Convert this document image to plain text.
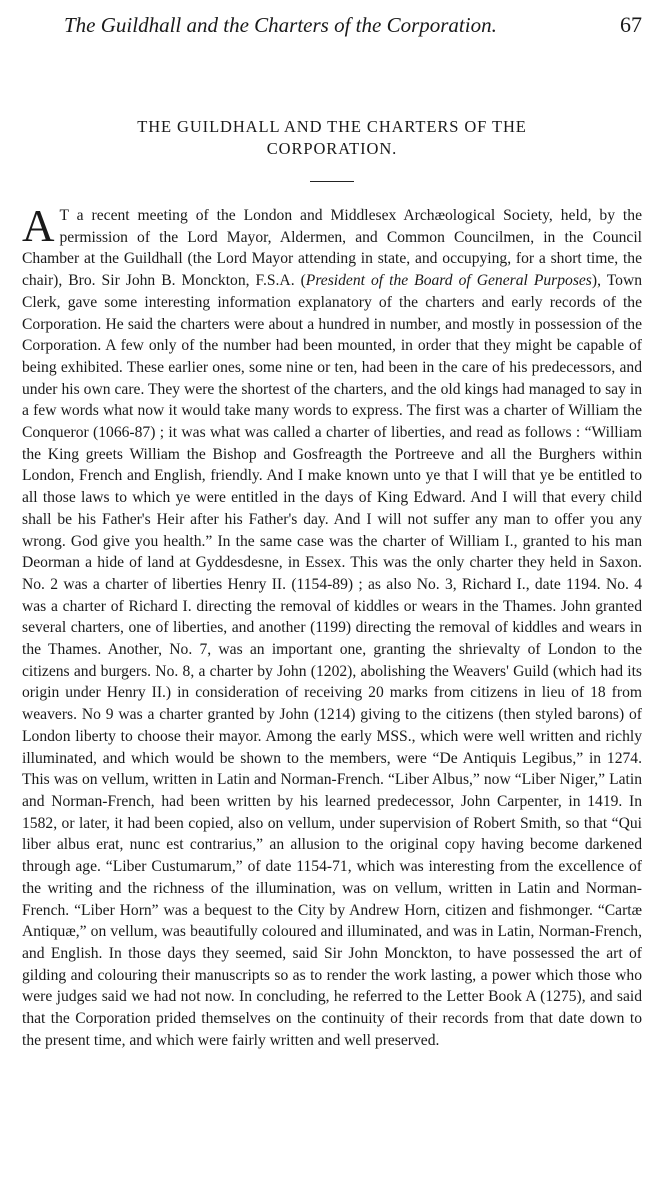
The Guildhall and the Charters of the Corporation.	67
THE GUILDHALL AND THE CHARTERS OF THE
CORPORATION.
A T a recent meeting of the London and Middlesex Archæological Society, held, by the permission of the Lord Mayor, Aldermen, and Common Councilmen, in the Council Chamber at the Guildhall (the Lord Mayor attending in state, and occupying, for a short time, the chair), Bro. Sir John B. Monckton, F.S.A. (President of the Board of General Purposes), Town Clerk, gave some interesting information explanatory of the charters and early records of the Corporation. He said the charters were about a hundred in number, and mostly in possession of the Corporation. A few only of the number had been mounted, in order that they might be capable of being exhibited. These earlier ones, some nine or ten, had been in the care of his predecessors, and under his own care. They were the shortest of the charters, and the old kings had managed to say in a few words what now it would take many words to express. The first was a charter of William the Conqueror (1066-87) ; it was what was called a charter of liberties, and read as follows : “William the King greets William the Bishop and Gosfreagth the Portreeve and all the Burghers within London, French and English, friendly. And I make known unto ye that I will that ye be entitled to all those laws to which ye were entitled in the days of King Edward. And I will that every child shall be his Father's Heir after his Father's day. And I will not suffer any man to offer you any wrong. God give you health.” In the same case was the charter of William I., granted to his man Deorman a hide of land at Gyddesdesne, in Essex. This was the only charter they held in Saxon. No. 2 was a charter of liberties Henry II. (1154-89) ; as also No. 3, Richard I., date 1194. No. 4 was a charter of Richard I. directing the removal of kiddles or wears in the Thames. John granted several charters, one of liberties, and another (1199) directing the removal of kiddles and wears in the Thames. Another, No. 7, was an important one, granting the shrievalty of London to the citizens and burgers. No. 8, a charter by John (1202), abolishing the Weavers' Guild (which had its origin under Henry II.) in consideration of receiving 20 marks from citizens in lieu of 18 from weavers. No 9 was a charter granted by John (1214) giving to the citizens (then styled barons) of London liberty to choose their mayor. Among the early MSS., which were well written and richly illuminated, and which would be shown to the members, were “De Antiquis Legibus,” in 1274. This was on vellum, written in Latin and Norman-French. “Liber Albus,” now “Liber Niger,” Latin and Norman-French, had been written by his learned predecessor, John Carpenter, in 1419. In 1582, or later, it had been copied, also on vellum, under supervision of Robert Smith, so that “Qui liber albus erat, nunc est contrarius,” an allusion to the original copy having become darkened through age. “Liber Custumarum,” of date 1154-71, which was interesting from the excellence of the writing and the richness of the illumination, was on vellum, written in Latin and Norman-French. “Liber Horn” was a bequest to the City by Andrew Horn, citizen and fishmonger. “Cartæ Antiquæ,” on vellum, was beautifully coloured and illuminated, and was in Latin, Norman-French, and English. In those days they seemed, said Sir John Monckton, to have possessed the art of gilding and colouring their manuscripts so as to render the work lasting, a power which those who were judges said we had not now. In concluding, he referred to the Letter Book A (1275), and said that the Corporation prided themselves on the continuity of their records from that date down to the present time, and which were fairly written and well preserved.
